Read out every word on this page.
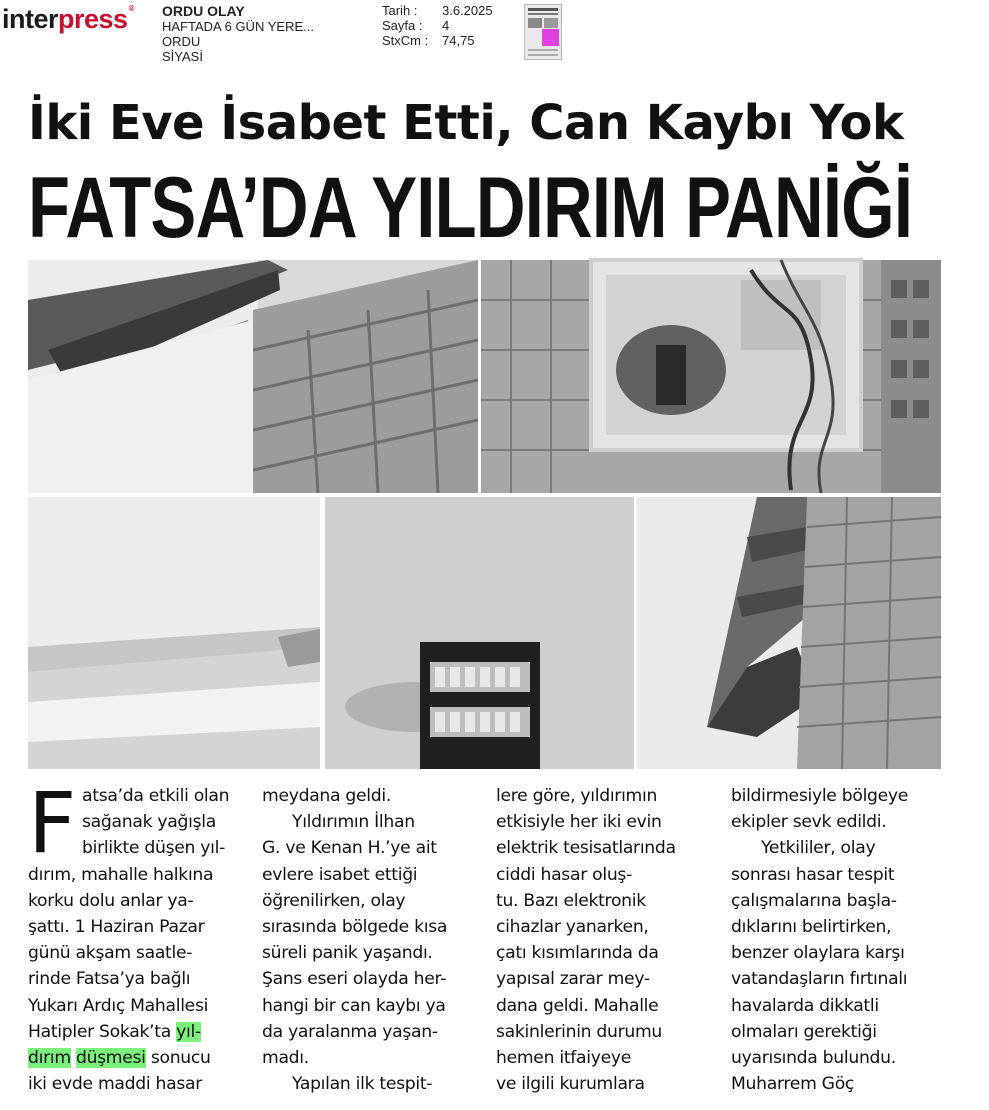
interpress® ORDU OLAY
HAFTADA 6 GÜN YERE...
ORDU
SİYASİ
Tarih :	3.6.2025
Sayfa :	4
StxCm :	74,75
İki Eve İsabet Etti, Can Kaybı Yok
FATSA’DA YILDIRIM PANİĞİ
F atsa’da etkili olan
sağanak yağışla
birlikte düşen yıl-
dırım, mahalle halkına
korku dolu anlar ya-
şattı. 1 Haziran Pazar
günü akşam saatle-
rinde Fatsa’ya bağlı
Yukarı Ardıç Mahallesi
Hatipler Sokak’ta yıl-
dırım düşmesi sonucu
iki evde maddi hasar
meydana geldi.
Yıldırımın İlhan
G. ve Kenan H.’ye ait
evlere isabet ettiği
öğrenilirken, olay
sırasında bölgede kısa
süreli panik yaşandı.
Şans eseri olayda her-
hangi bir can kaybı ya
da yaralanma yaşan-
madı.
Yapılan ilk tespit-
lere göre, yıldırımın
etkisiyle her iki evin
elektrik tesisatlarında
ciddi hasar oluş-
tu. Bazı elektronik
cihazlar yanarken,
çatı kısımlarında da
yapısal zarar mey-
dana geldi. Mahalle
sakinlerinin durumu
hemen itfaiyeye
ve ilgili kurumlara
bildirmesiyle bölgeye
ekipler sevk edildi.
Yetkililer, olay
sonrası hasar tespit
çalışmalarına başla-
dıklarını belirtirken,
benzer olaylara karşı
vatandaşların fırtınalı
havalarda dikkatli
olmaları gerektiği
uyarısında bulundu.
Muharrem Göç
